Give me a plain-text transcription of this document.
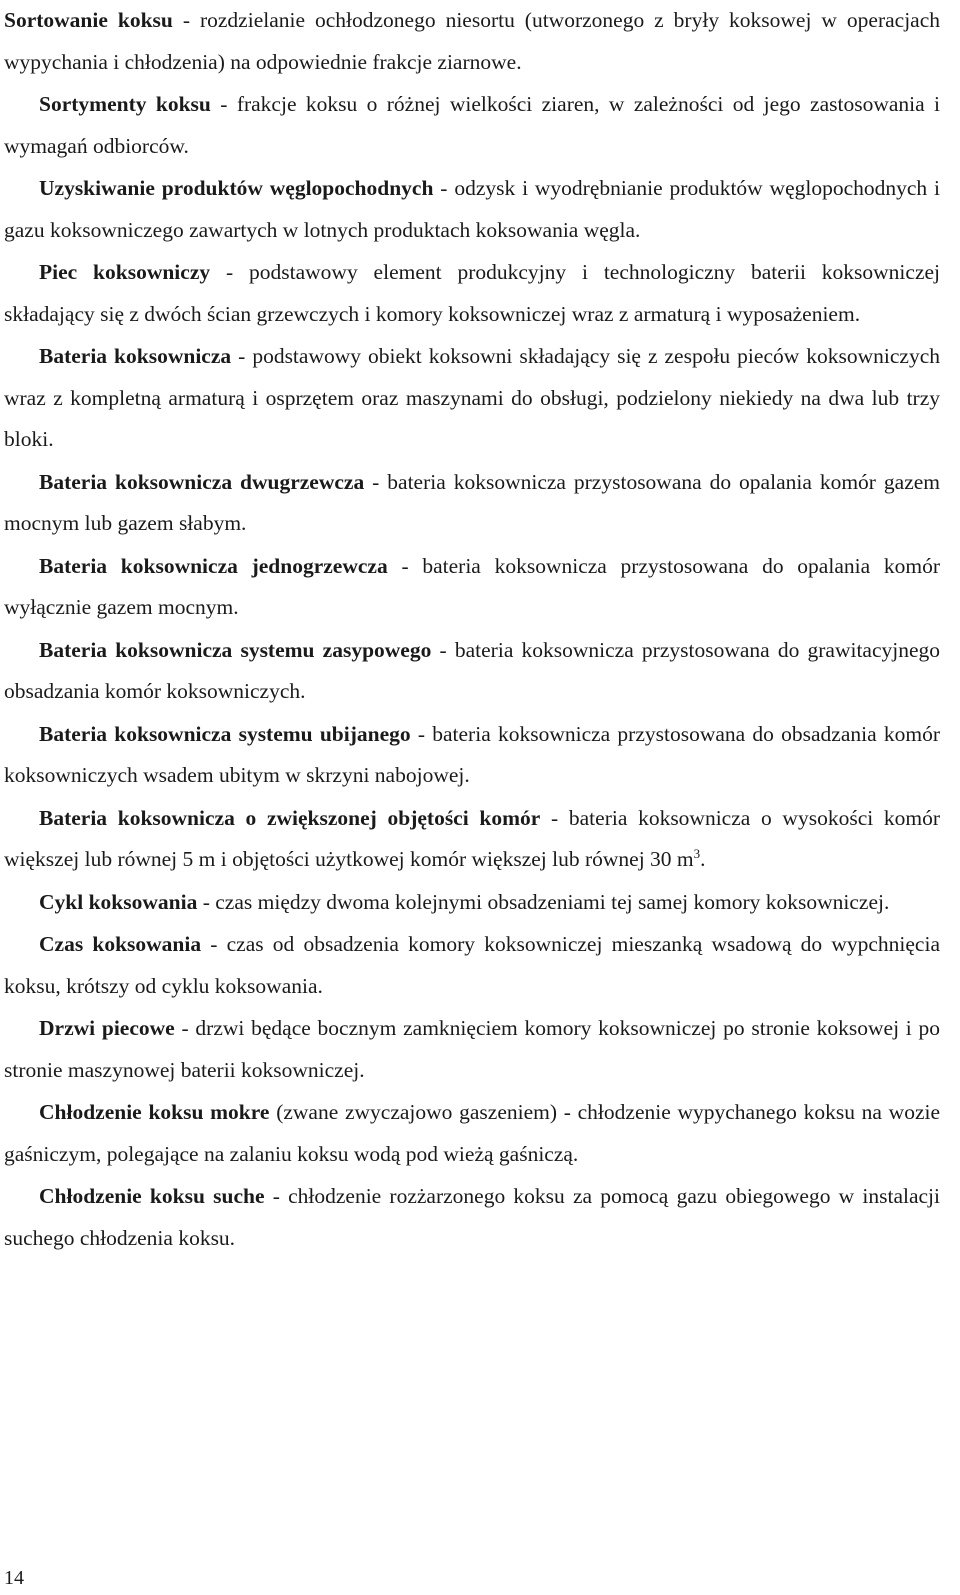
Sortowanie koksu - rozdzielanie ochłodzonego niesortu (utworzonego z bryły koksowej w operacjach wypychania i chłodzenia) na odpowiednie frakcje ziarnowe.

Sortymenty koksu - frakcje koksu o różnej wielkości ziaren, w zależności od jego zastosowania i wymagań odbiorców.

Uzyskiwanie produktów węglopochodnych - odzysk i wyodrębnianie produktów węglopochodnych i gazu koksowniczego zawartych w lotnych produktach koksowania węgla.

Piec koksowniczy - podstawowy element produkcyjny i technologiczny baterii koksowniczej składający się z dwóch ścian grzewczych i komory koksowniczej wraz z armaturą i wyposażeniem.

Bateria koksownicza - podstawowy obiekt koksowni składający się z zespołu pieców koksowniczych wraz z kompletną armaturą i osprzętem oraz maszynami do obsługi, podzielony niekiedy na dwa lub trzy bloki.

Bateria koksownicza dwugrzewcza - bateria koksownicza przystosowana do opalania komór gazem mocnym lub gazem słabym.

Bateria koksownicza jednogrzewcza - bateria koksownicza przystosowana do opalania komór wyłącznie gazem mocnym.

Bateria koksownicza systemu zasypowego - bateria koksownicza przystosowana do grawitacyjnego obsadzania komór koksowniczych.

Bateria koksownicza systemu ubijanego - bateria koksownicza przystosowana do obsadzania komór koksowniczych wsadem ubitym w skrzyni nabojowej.

Bateria koksownicza o zwiększonej objętości komór - bateria koksownicza o wysokości komór większej lub równej 5 m i objętości użytkowej komór większej lub równej 30 $m^3$.

Cykl koksowania - czas między dwoma kolejnymi obsadzeniami tej samej komory koksowniczej.

Czas koksowania - czas od obsadzenia komory koksowniczej mieszanką wsadową do wypchnięcia koksu, krótszy od cyklu koksowania.

Drzwi piecowe - drzwi będące bocznym zamknięciem komory koksowniczej po stronie koksowej i po stronie maszynowej baterii koksowniczej.

Chłodzenie koksu mokre (zwane zwyczajowo gaszeniem) - chłodzenie wypychanego koksu na wozie gaśniczym, polegające na zalaniu koksu wodą pod wieżą gaśniczą.

Chłodzenie koksu suche - chłodzenie rozżarzonego koksu za pomocą gazu obiegowego w instalacji suchego chłodzenia koksu.

14
